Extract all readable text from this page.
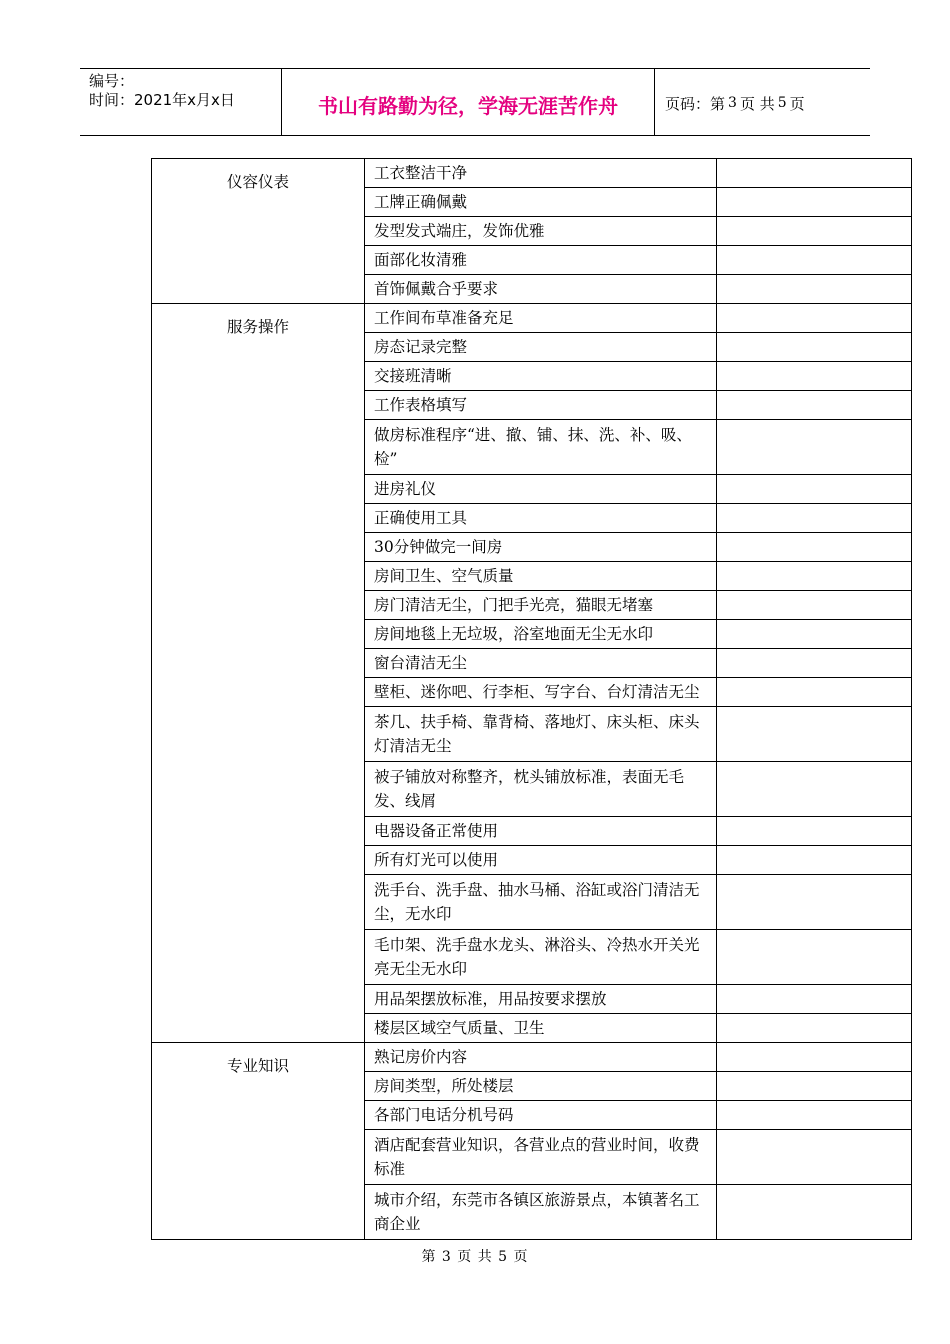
编号：
时间：2021年x月x日	书山有路勤为径，学海无涯苦作舟	页码：第 3 页 共 5 页
仪容仪表	工衣整洁干净	
	工牌正确佩戴	
	发型发式端庄，发饰优雅	
	面部化妆清雅	
	首饰佩戴合乎要求	
服务操作	工作间布草准备充足	
	房态记录完整	
	交接班清晰	
	工作表格填写	
	做房标准程序“进、撤、铺、抹、洗、补、吸、检”	
	进房礼仪	
	正确使用工具	
	30分钟做完一间房	
	房间卫生、空气质量	
	房门清洁无尘，门把手光亮，猫眼无堵塞	
	房间地毯上无垃圾，浴室地面无尘无水印	
	窗台清洁无尘	
	壁柜、迷你吧、行李柜、写字台、台灯清洁无尘	
	茶几、扶手椅、靠背椅、落地灯、床头柜、床头灯清洁无尘	
	被子铺放对称整齐，枕头铺放标准，表面无毛发、线屑	
	电器设备正常使用	
	所有灯光可以使用	
	洗手台、洗手盘、抽水马桶、浴缸或浴门清洁无尘，无水印	
	毛巾架、洗手盘水龙头、淋浴头、冷热水开关光亮无尘无水印	
	用品架摆放标准，用品按要求摆放	
	楼层区域空气质量、卫生	
专业知识	熟记房价内容	
	房间类型，所处楼层	
	各部门电话分机号码	
	酒店配套营业知识，各营业点的营业时间，收费标准	
	城市介绍，东莞市各镇区旅游景点，本镇著名工商企业	
第 3 页 共 5 页
